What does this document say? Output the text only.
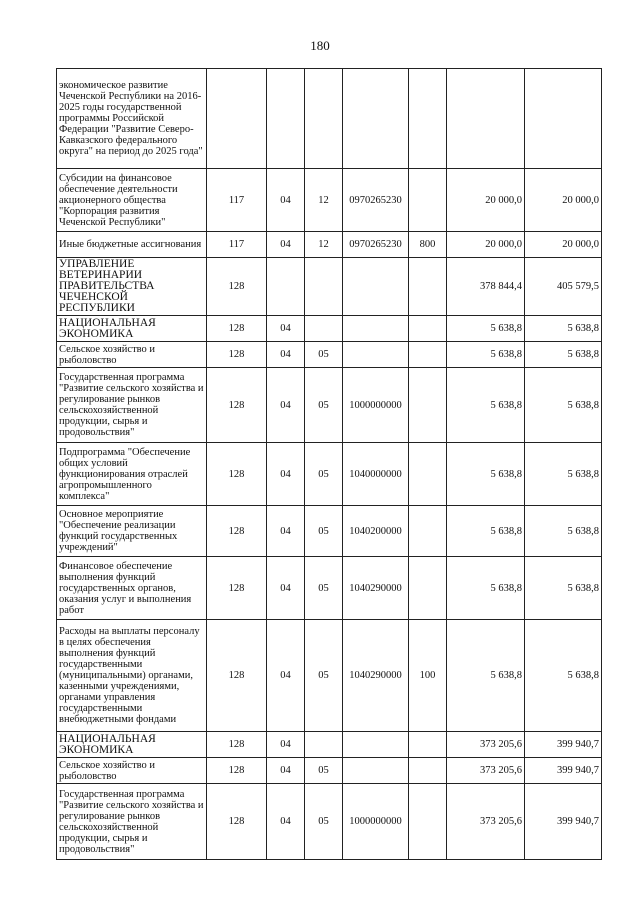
180
экономическое развитие Чеченской Республики на 2016-2025 годы государственной программы Российской Федерации "Развитие Северо-Кавказского федерального округа" на период до 2025 года"							
Субсидии на финансовое обеспечение деятельности акционерного общества "Корпорация развития Чеченской Республики"	117	04	12	0970265230		20 000,0	20 000,0
Иные бюджетные ассигнования	117	04	12	0970265230	800	20 000,0	20 000,0
УПРАВЛЕНИЕ ВЕТЕРИНАРИИ ПРАВИТЕЛЬСТВА ЧЕЧЕНСКОЙ РЕСПУБЛИКИ	128					378 844,4	405 579,5
НАЦИОНАЛЬНАЯ ЭКОНОМИКА	128	04				5 638,8	5 638,8
Сельское хозяйство и рыболовство	128	04	05			5 638,8	5 638,8
Государственная программа "Развитие сельского хозяйства и регулирование рынков сельскохозяйственной продукции, сырья и продовольствия"	128	04	05	1000000000		5 638,8	5 638,8
Подпрограмма "Обеспечение общих условий функционирования отраслей агропромышленного комплекса"	128	04	05	1040000000		5 638,8	5 638,8
Основное мероприятие "Обеспечение реализации функций государственных учреждений"	128	04	05	1040200000		5 638,8	5 638,8
Финансовое обеспечение выполнения функций государственных органов, оказания услуг и выполнения работ	128	04	05	1040290000		5 638,8	5 638,8
Расходы на выплаты персоналу в целях обеспечения выполнения функций государственными (муниципальными) органами, казенными учреждениями, органами управления государственными внебюджетными фондами	128	04	05	1040290000	100	5 638,8	5 638,8
НАЦИОНАЛЬНАЯ ЭКОНОМИКА	128	04				373 205,6	399 940,7
Сельское хозяйство и рыболовство	128	04	05			373 205,6	399 940,7
Государственная программа "Развитие сельского хозяйства и регулирование рынков сельскохозяйственной продукции, сырья и продовольствия"	128	04	05	1000000000		373 205,6	399 940,7
